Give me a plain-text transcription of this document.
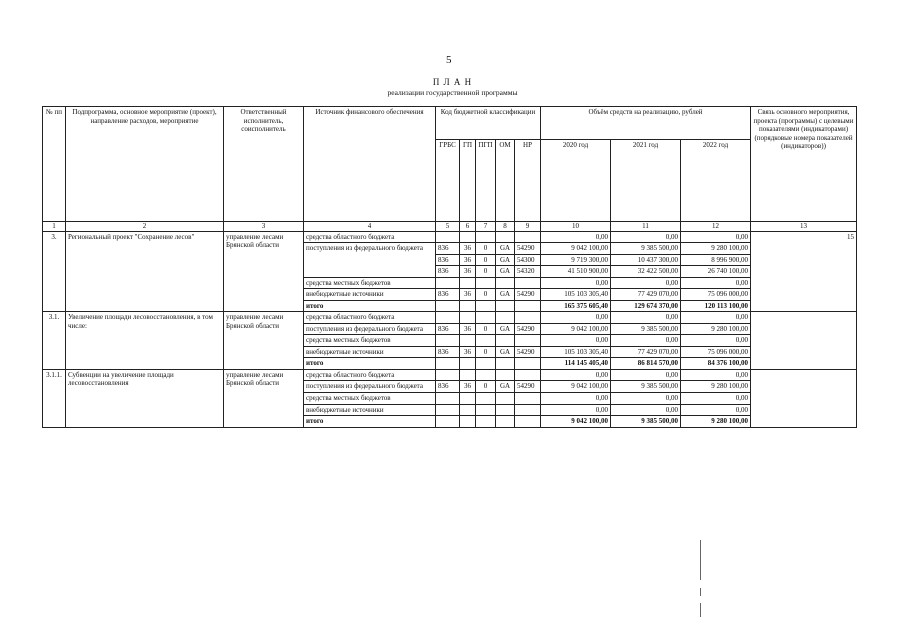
5
П Л А Н
реализации государственной программы
№ пп	Подпрограмма, основное мероприятие (проект), направление расходов, мероприятие	Ответственный исполнитель, соисполнитель	Источник финансового обеспечения	Код бюджетной классификации					Объём средств на реализацию, рублей			Связь основного мероприятия, проекта (программы) с целевыми показателями (индикаторами) (порядковые номера показателей (индикаторов))
				ГРБС	ГП	ПГП	ОМ	НР	2020 год	2021 год	2022 год	
1	2	3	4	5	6	7	8	9	10	11	12	13
3.	Региональный проект "Сохранение лесов"	управление лесами Брянской области	средства областного бюджета						0,00	0,00	0,00	15
			поступления из федерального бюджета	836	36	0	GA	54290	9 042 100,00	9 385 500,00	9 280 100,00	
				836	36	0	GA	54300	9 719 300,00	10 437 300,00	8 996 900,00	
				836	36	0	GA	54320	41 510 900,00	32 422 500,00	26 740 100,00	
			средства местных бюджетов						0,00	0,00	0,00	
			внебюджетные источники	836	36	0	GA	54290	105 103 305,40	77 429 070,00	75 096 000,00	
			итого						165 375 605,40	129 674 370,00	120 113 100,00	
3.1.	Увеличение площади лесовосстановления, в том числе:	управление лесами Брянской области	средства областного бюджета						0,00	0,00	0,00	
			поступления из федерального бюджета	836	36	0	GA	54290	9 042 100,00	9 385 500,00	9 280 100,00	
			средства местных бюджетов						0,00	0,00	0,00	
			внебюджетные источники	836	36	0	GA	54290	105 103 305,40	77 429 070,00	75 096 000,00	
			итого						114 145 405,40	86 814 570,00	84 376 100,00	
3.1.1.	Субвенции на увеличение площади лесовосстановления	управление лесами Брянской области	средства областного бюджета						0,00	0,00	0,00	
			поступления из федерального бюджета	836	36	0	GA	54290	9 042 100,00	9 385 500,00	9 280 100,00	
			средства местных бюджетов						0,00	0,00	0,00	
			внебюджетные источники						0,00	0,00	0,00	
			итого						9 042 100,00	9 385 500,00	9 280 100,00	
